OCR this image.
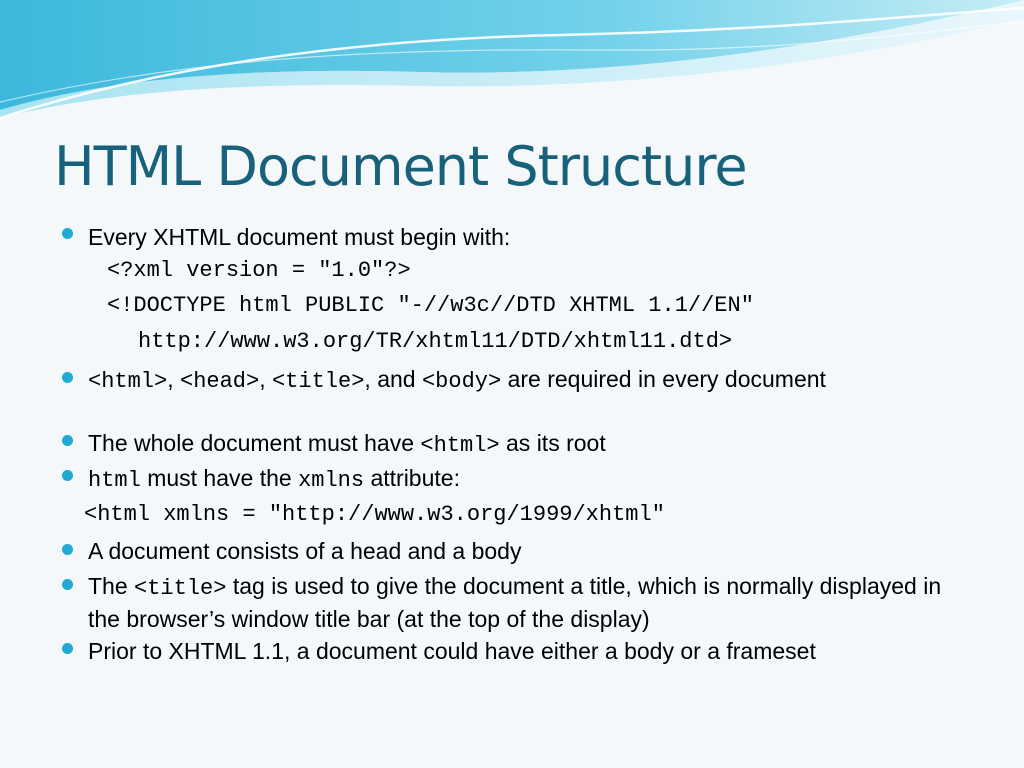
HTML Document Structure
Every XHTML document must begin with:
<?xml version = "1.0"?>
<!DOCTYPE html PUBLIC "-//w3c//DTD XHTML 1.1//EN"
http://www.w3.org/TR/xhtml11/DTD/xhtml11.dtd>
<html>, <head>, <title>, and <body> are required in every document
The whole document must have <html> as its root
html must have the xmlns attribute:
<html xmlns = "http://www.w3.org/1999/xhtml"
A document consists of a head and a body
The <title> tag is used to give the document a title, which is normally displayed in the browser’s window title bar (at the top of the display)
Prior to XHTML 1.1, a document could have either a body or a frameset
